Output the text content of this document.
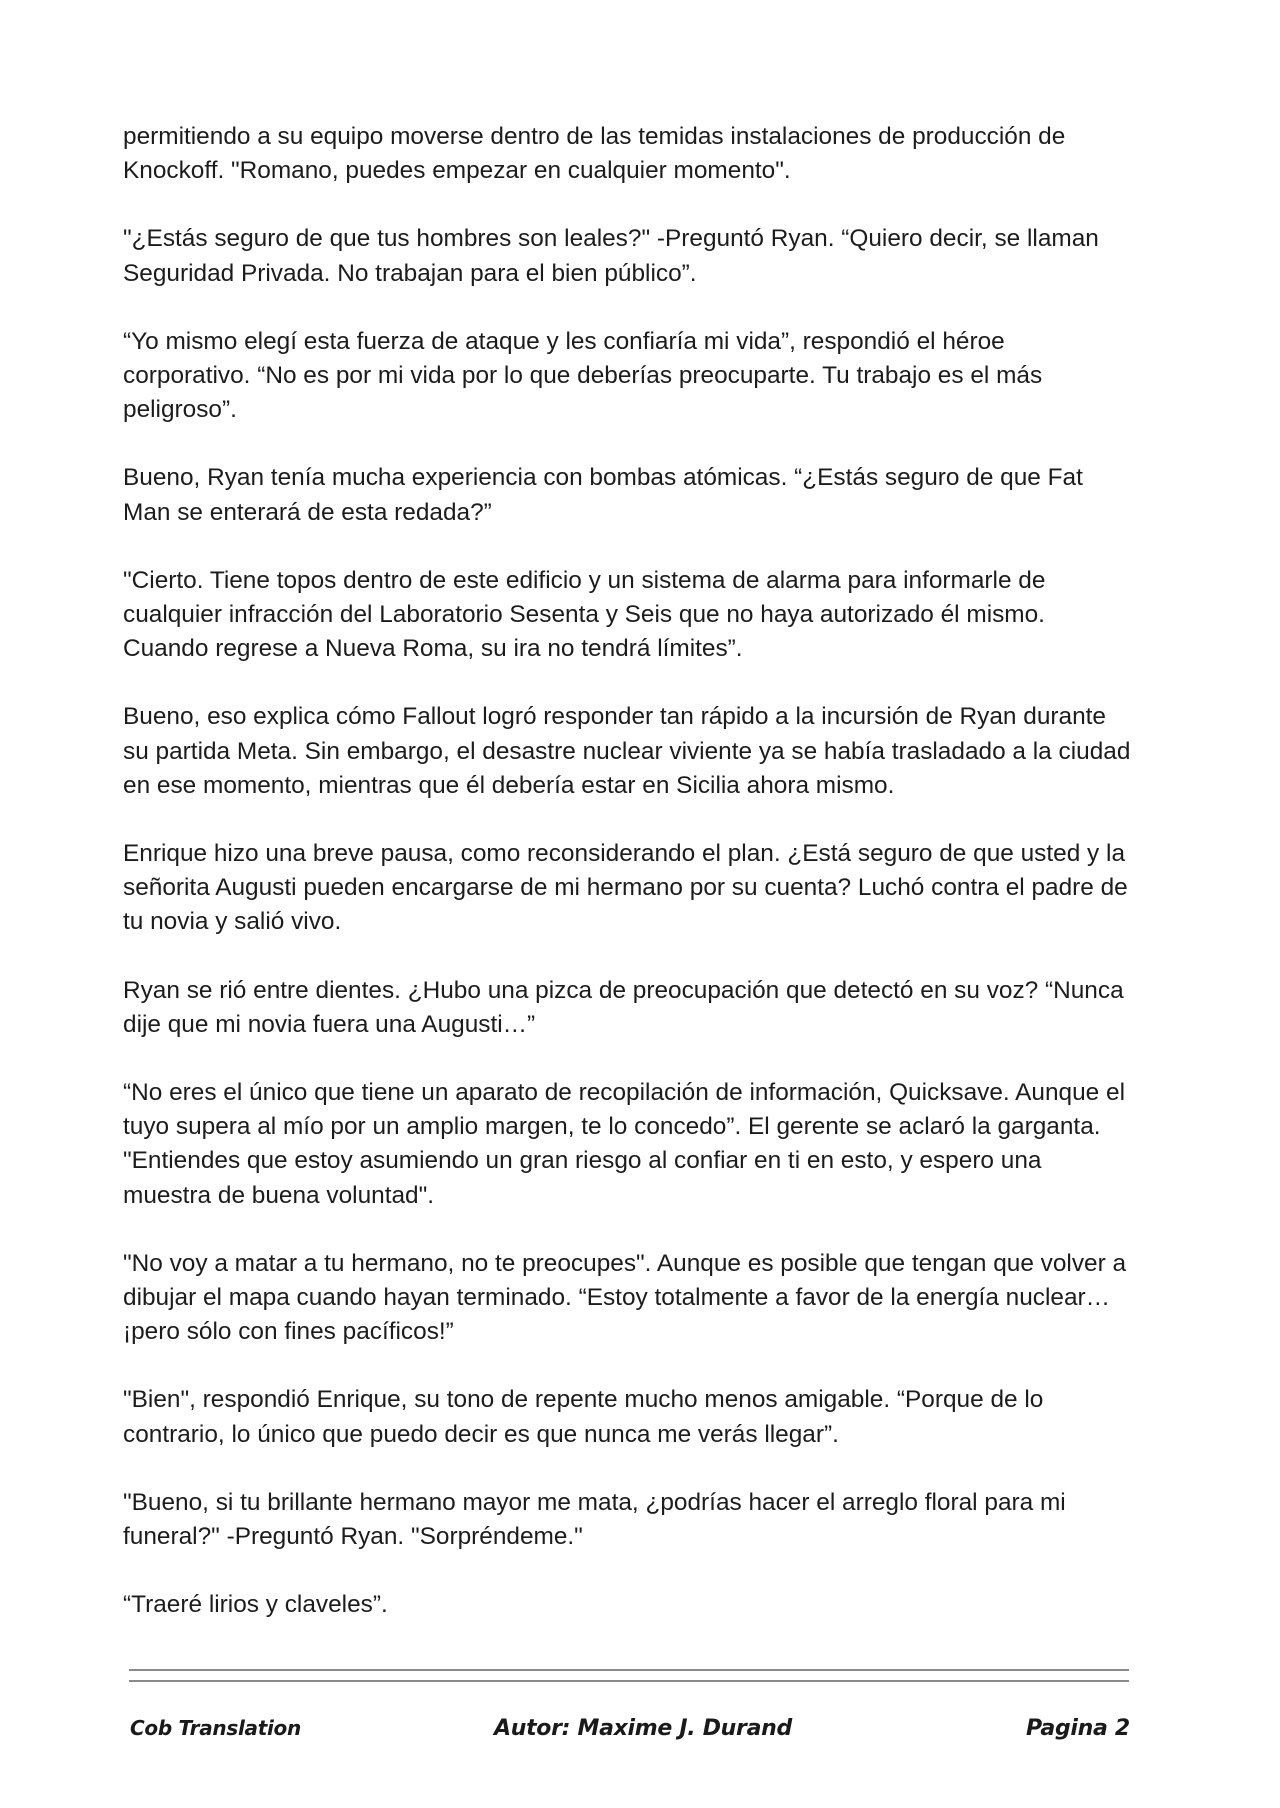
permitiendo a su equipo moverse dentro de las temidas instalaciones de producción de Knockoff. "Romano, puedes empezar en cualquier momento".

"¿Estás seguro de que tus hombres son leales?" -Preguntó Ryan. “Quiero decir, se llaman Seguridad Privada. No trabajan para el bien público”.

“Yo mismo elegí esta fuerza de ataque y les confiaría mi vida”, respondió el héroe corporativo. “No es por mi vida por lo que deberías preocuparte. Tu trabajo es el más peligroso”.

Bueno, Ryan tenía mucha experiencia con bombas atómicas. “¿Estás seguro de que Fat Man se enterará de esta redada?”

"Cierto. Tiene topos dentro de este edificio y un sistema de alarma para informarle de cualquier infracción del Laboratorio Sesenta y Seis que no haya autorizado él mismo. Cuando regrese a Nueva Roma, su ira no tendrá límites”.

Bueno, eso explica cómo Fallout logró responder tan rápido a la incursión de Ryan durante su partida Meta. Sin embargo, el desastre nuclear viviente ya se había trasladado a la ciudad en ese momento, mientras que él debería estar en Sicilia ahora mismo.

Enrique hizo una breve pausa, como reconsiderando el plan. ¿Está seguro de que usted y la señorita Augusti pueden encargarse de mi hermano por su cuenta? Luchó contra el padre de tu novia y salió vivo.

Ryan se rió entre dientes. ¿Hubo una pizca de preocupación que detectó en su voz? “Nunca dije que mi novia fuera una Augusti…”

“No eres el único que tiene un aparato de recopilación de información, Quicksave. Aunque el tuyo supera al mío por un amplio margen, te lo concedo”. El gerente se aclaró la garganta. "Entiendes que estoy asumiendo un gran riesgo al confiar en ti en esto, y espero una muestra de buena voluntad".

"No voy a matar a tu hermano, no te preocupes". Aunque es posible que tengan que volver a dibujar el mapa cuando hayan terminado. “Estoy totalmente a favor de la energía nuclear… ¡pero sólo con fines pacíficos!”

"Bien", respondió Enrique, su tono de repente mucho menos amigable. “Porque de lo contrario, lo único que puedo decir es que nunca me verás llegar”.

"Bueno, si tu brillante hermano mayor me mata, ¿podrías hacer el arreglo floral para mi funeral?" -Preguntó Ryan. "Sorpréndeme."

“Traeré lirios y claveles”.

Cob Translation	Autor: Maxime J. Durand	Pagina 2
